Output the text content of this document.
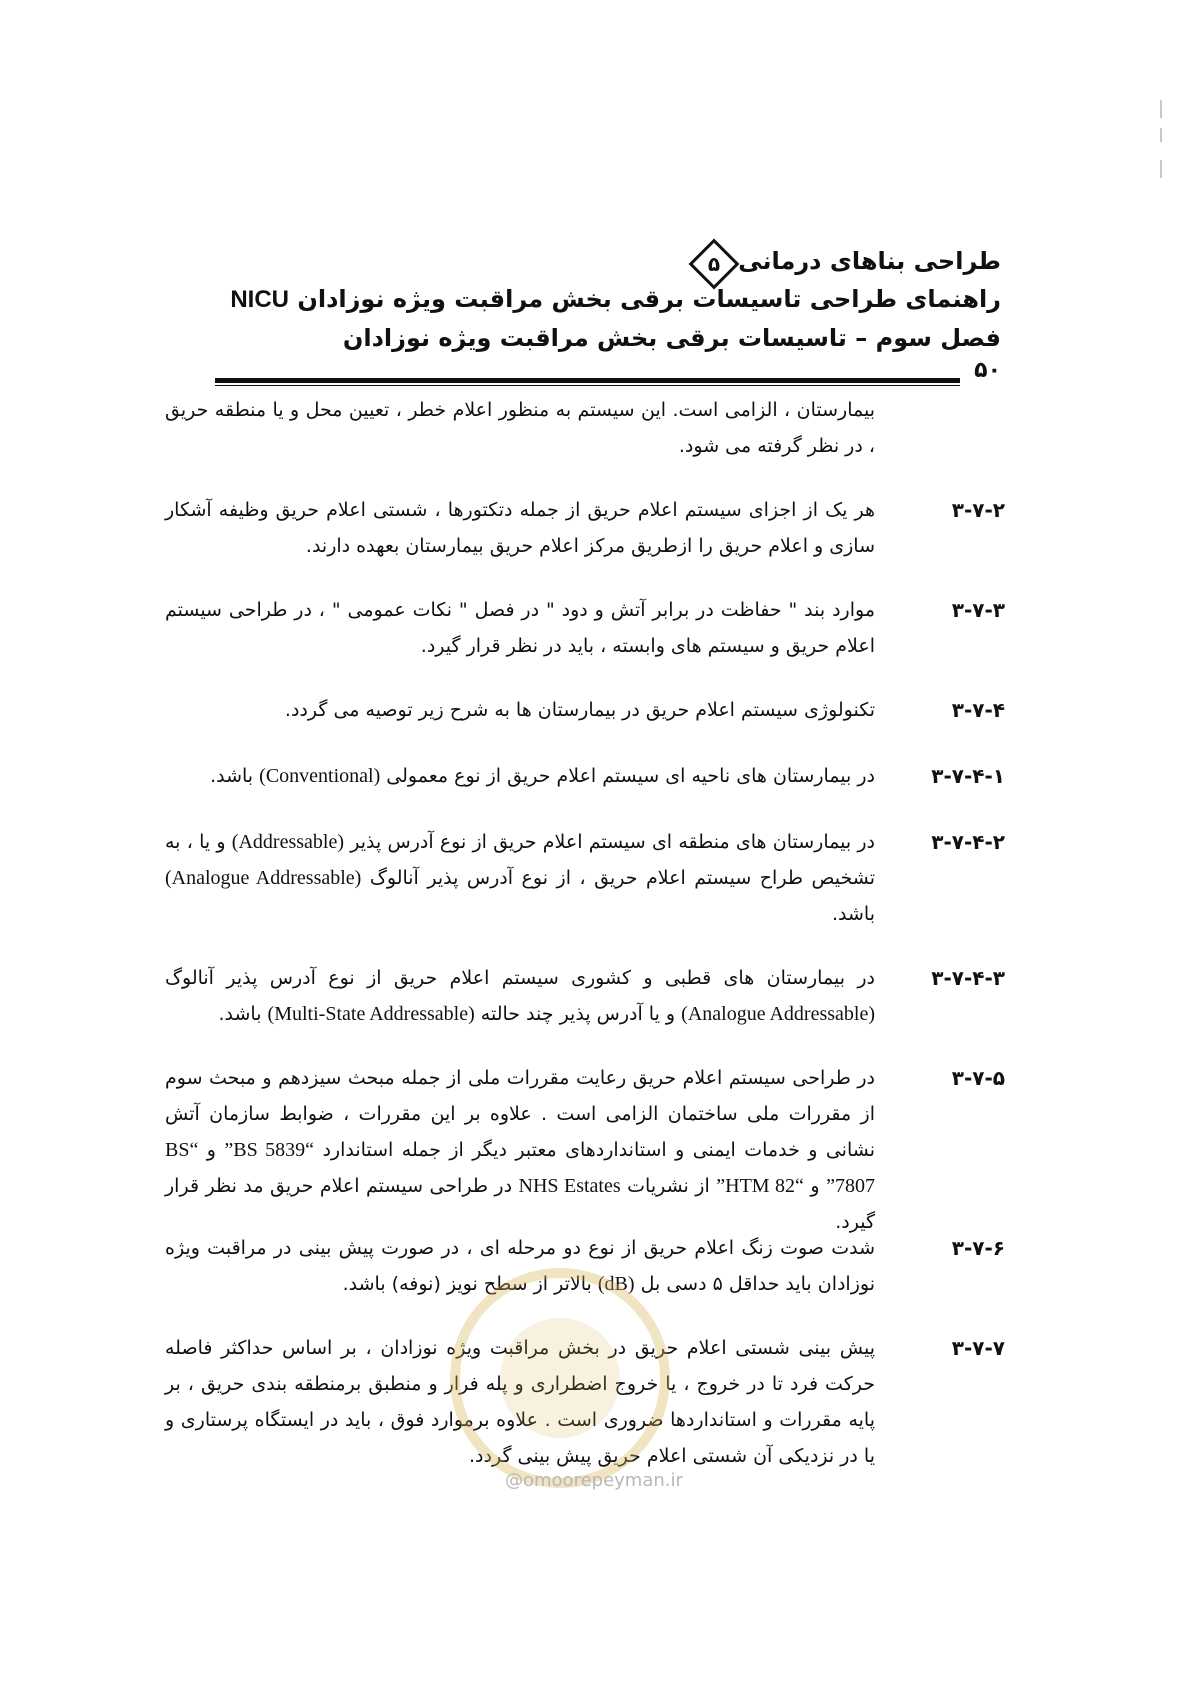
طراحی بناهای درمانی
۵
راهنمای طراحی تاسیسات برقی بخش مراقبت ویژه نوزادان NICU
فصل سوم – تاسیسات برقی بخش مراقبت ویژه نوزادان
۵۰
بیمارستان ، الزامی است. این سیستم به منظور اعلام خطر ، تعیین محل و یا منطقه حریق ، در نظر گرفته می شود.
۳-۷-۲
هر یک از اجزای سیستم اعلام حریق از جمله دتکتورها ، شستی اعلام حریق وظیفه آشکار سازی و اعلام حریق را ازطریق مرکز اعلام حریق بیمارستان بعهده دارند.
۳-۷-۳
موارد بند " حفاظت در برابر آتش و دود " در فصل " نکات عمومی " ، در طراحی سیستم اعلام حریق و سیستم های وابسته ، باید در نظر قرار گیرد.
۳-۷-۴
تکنولوژی سیستم اعلام حریق در بیمارستان ها به شرح زیر توصیه می گردد.
۳-۷-۴-۱
در بیمارستان های ناحیه ای سیستم اعلام حریق از نوع معمولی (Conventional) باشد.
۳-۷-۴-۲
در بیمارستان های منطقه ای سیستم اعلام حریق از نوع آدرس پذیر (Addressable) و یا ، به تشخیص طراح سیستم اعلام حریق ، از نوع آدرس پذیر آنالوگ (Analogue Addressable) باشد.
۳-۷-۴-۳
در بیمارستان های قطبی و کشوری سیستم اعلام حریق از نوع آدرس پذیر آنالوگ (Analogue Addressable) و یا آدرس پذیر چند حالته (Multi-State Addressable) باشد.
۳-۷-۵
در طراحی سیستم اعلام حریق رعایت مقررات ملی از جمله مبحث سیزدهم و مبحث سوم از مقررات ملی ساختمان الزامی است . علاوه بر این مقررات ، ضوابط سازمان آتش نشانی و خدمات ایمنی و استانداردهای معتبر دیگر از جمله استاندارد “BS 5839” و “BS 7807” و “HTM 82” از نشریات NHS Estates در طراحی سیستم اعلام حریق مد نظر قرار گیرد.
۳-۷-۶
شدت صوت زنگ اعلام حریق از نوع دو مرحله ای ، در صورت پیش بینی در مراقبت ویژه نوزادان باید حداقل ۵ دسی بل (dB) بالاتر از سطح نویز (نوفه) باشد.
۳-۷-۷
پیش بینی شستی اعلام حریق در بخش مراقبت ویژه نوزادان ، بر اساس حداکثر فاصله حرکت فرد تا در خروج ، یا خروج اضطراری و پله فرار و منطبق برمنطقه بندی حریق ، بر پایه مقررات و استانداردها ضروری است . علاوه برموارد فوق ، باید در ایستگاه پرستاری و یا در نزدیکی آن شستی اعلام حریق پیش بینی گردد.
@omoorepeyman.ir
